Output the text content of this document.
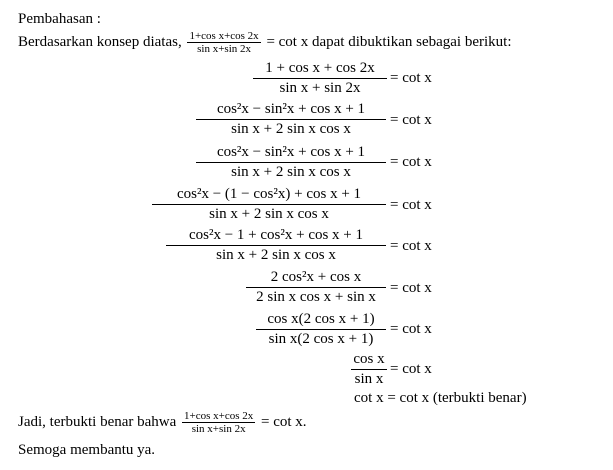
Pembahasan :
Berdasarkan konsep diatas, $\frac{\text{1+cos x+cos 2x}}{\text{sin x+sin 2x}} = \cot x$ dapat dibuktikan sebagai berikut:
$\frac{\text{1 + cos x + cos 2x}}{\text{sin x + sin 2x}} = \cot x$
$\frac{\text{cos²x − sin²x + cos x + 1}}{\text{sin x + 2 sin x cos x}} = \cot x$
$\frac{\text{cos²x − sin²x + cos x + 1}}{\text{sin x + 2 sin x cos x}} = \cot x$
$\frac{\text{cos²x − (1 − cos²x) + cos x + 1}}{\text{sin x + 2 sin x cos x}} = \cot x$
$\frac{\text{cos²x − 1 + cos²x + cos x + 1}}{\text{sin x + 2 sin x cos x}} = \cot x$
$\frac{\text{2 cos²x + cos x}}{\text{2 sin x cos x + sin x}} = \cot x$
$\frac{\text{cos x(2 cos x + 1)}}{\text{sin x(2 cos x + 1)}} = \cot x$
$\frac{\text{cos x}}{\text{sin x}} = \cot x$
cot x = cot x (terbukti benar)
Jadi, terbukti benar bahwa $\frac{\text{1+cos x+cos 2x}}{\text{sin x+sin 2x}} = \cot x$.
Semoga membantu ya.
